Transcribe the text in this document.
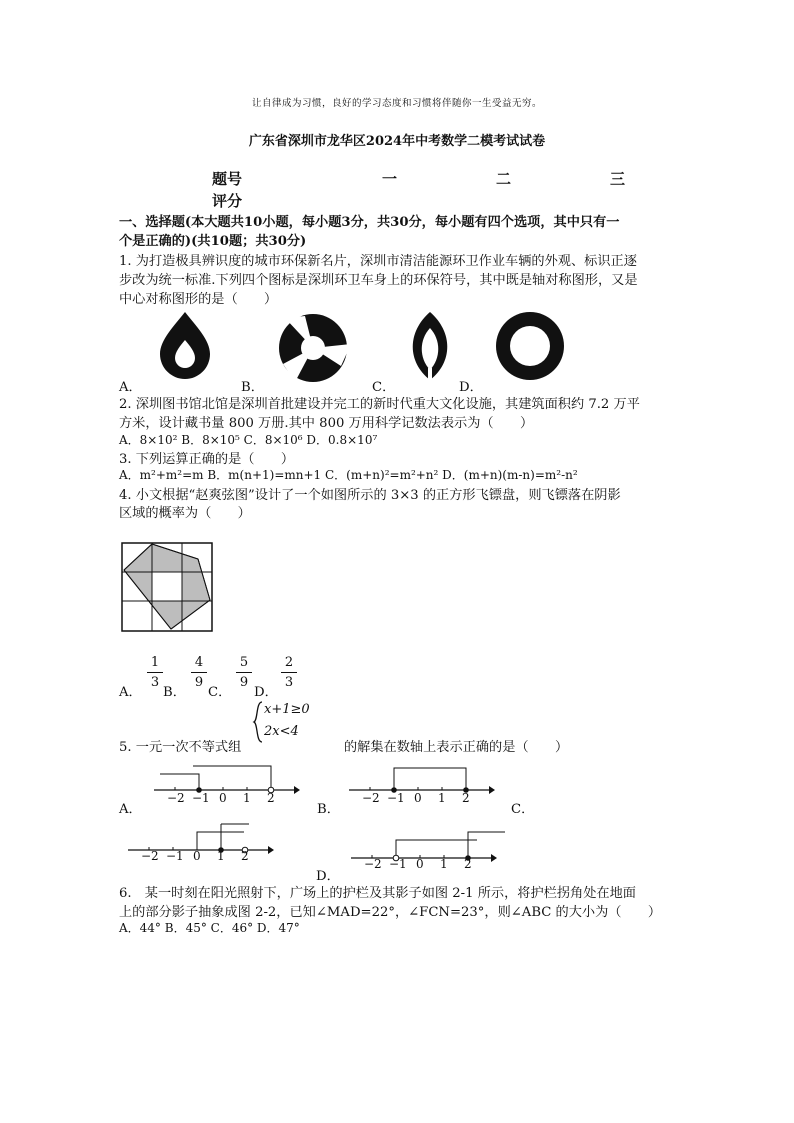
让自律成为习惯，良好的学习态度和习惯将伴随你一生受益无穷。
广东省深圳市龙华区2024年中考数学二模考试试卷
题号	一	二	三
评分
一、选择题(本大题共10小题，每小题3分，共30分，每小题有四个选项，其中只有一
个是正确的)(共10题；共30分)
1. 为打造极具辨识度的城市环保新名片，深圳市清洁能源环卫作业车辆的外观、标识正逐
步改为统一标准.下列四个图标是深圳环卫车身上的环保符号，其中既是轴对称图形，又是
中心对称图形的是（　　）
A．	B．	C．	D．
2. 深圳图书馆北馆是深圳首批建设并完工的新时代重大文化设施，其建筑面积约 7.2 万平
方米，设计藏书量 800 万册.其中 800 万用科学记数法表示为（　　）
A．8×10² B．8×10⁵ C．8×10⁶ D．0.8×10⁷
3. 下列运算正确的是（　　）
A．m²+m²=m B．m(n+1)=mn+1 C．(m+n)²=m²+n² D．(m+n)(m-n)=m²-n²
4. 小文根据“赵爽弦图”设计了一个如图所示的 3×3 的正方形飞镖盘，则飞镖落在阴影
区域的概率为（　　）
A．
1
3
B．
4
9
C．
5
9
D．
2
3
x+1≥0
2x<4
5. 一元一次不等式组	的解集在数轴上表示正确的是（　　）
−2 −1 0 1 2
A．	B．
−2 −1 0 1 2
C．
−2 −1 0 1 2
−2 −1 0 1 2
D．
6.　某一时刻在阳光照射下，广场上的护栏及其影子如图 2-1 所示，将护栏拐角处在地面
上的部分影子抽象成图 2-2，已知∠MAD=22°，∠FCN=23°，则∠ABC 的大小为（　　）
A．44° B．45° C．46° D．47°
